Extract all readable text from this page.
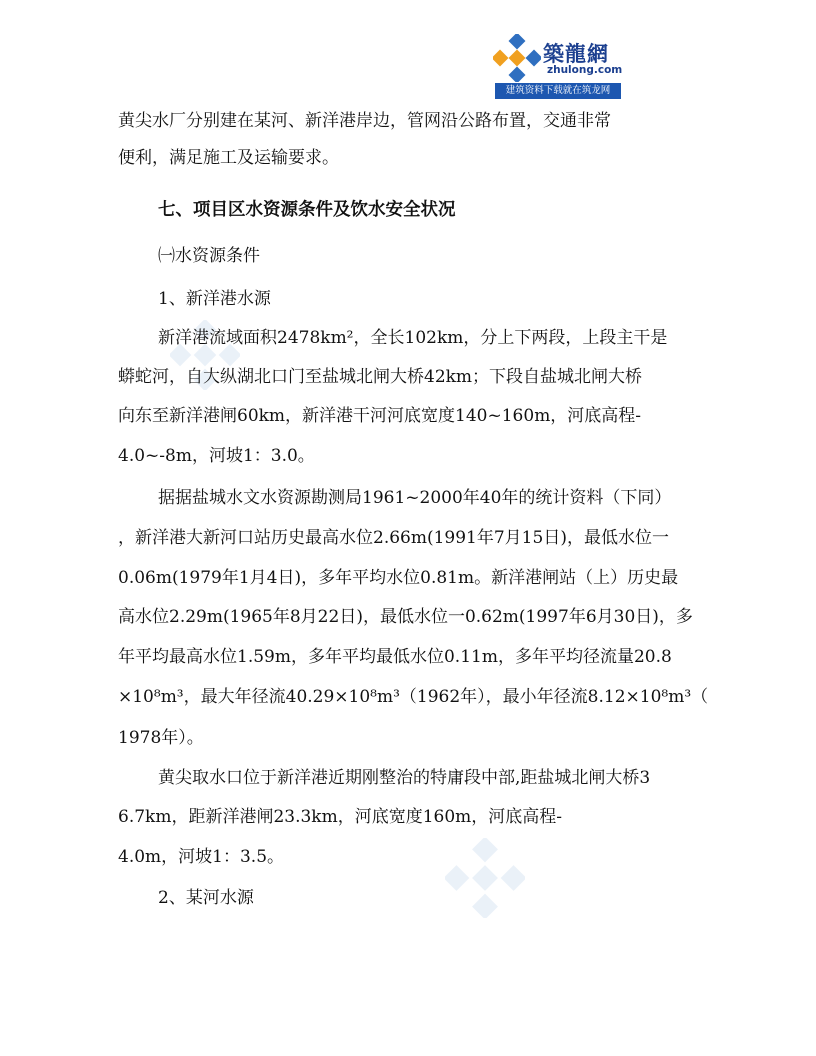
築龍網
zhulong.com
建筑资料下载就在筑龙网
黄尖水厂分别建在某河、新洋港岸边，管网沿公路布置，交通非常
便利，满足施工及运输要求。
七、项目区水资源条件及饮水安全状况
㈠水资源条件
1、新洋港水源
新洋港流域面积2478km²，全长102km，分上下两段，上段主干是
蟒蛇河，自大纵湖北口门至盐城北闸大桥42km；下段自盐城北闸大桥
向东至新洋港闸60km，新洋港干河河底宽度140~160m，河底高程-
4.0~-8m，河坡1：3.0。
据据盐城水文水资源勘测局1961~2000年40年的统计资料（下同）
，新洋港大新河口站历史最高水位2.66m(1991年7月15日)，最低水位一
0.06m(1979年1月4日)，多年平均水位0.81m。新洋港闸站（上）历史最
高水位2.29m(1965年8月22日)，最低水位一0.62m(1997年6月30日)，多
年平均最高水位1.59m，多年平均最低水位0.11m，多年平均径流量20.8
×10⁸m³，最大年径流40.29×10⁸m³（1962年），最小年径流8.12×10⁸m³（
1978年）。
黄尖取水口位于新洋港近期刚整治的特庸段中部,距盐城北闸大桥3
6.7km，距新洋港闸23.3km，河底宽度160m，河底高程-
4.0m，河坡1：3.5。
2、某河水源
